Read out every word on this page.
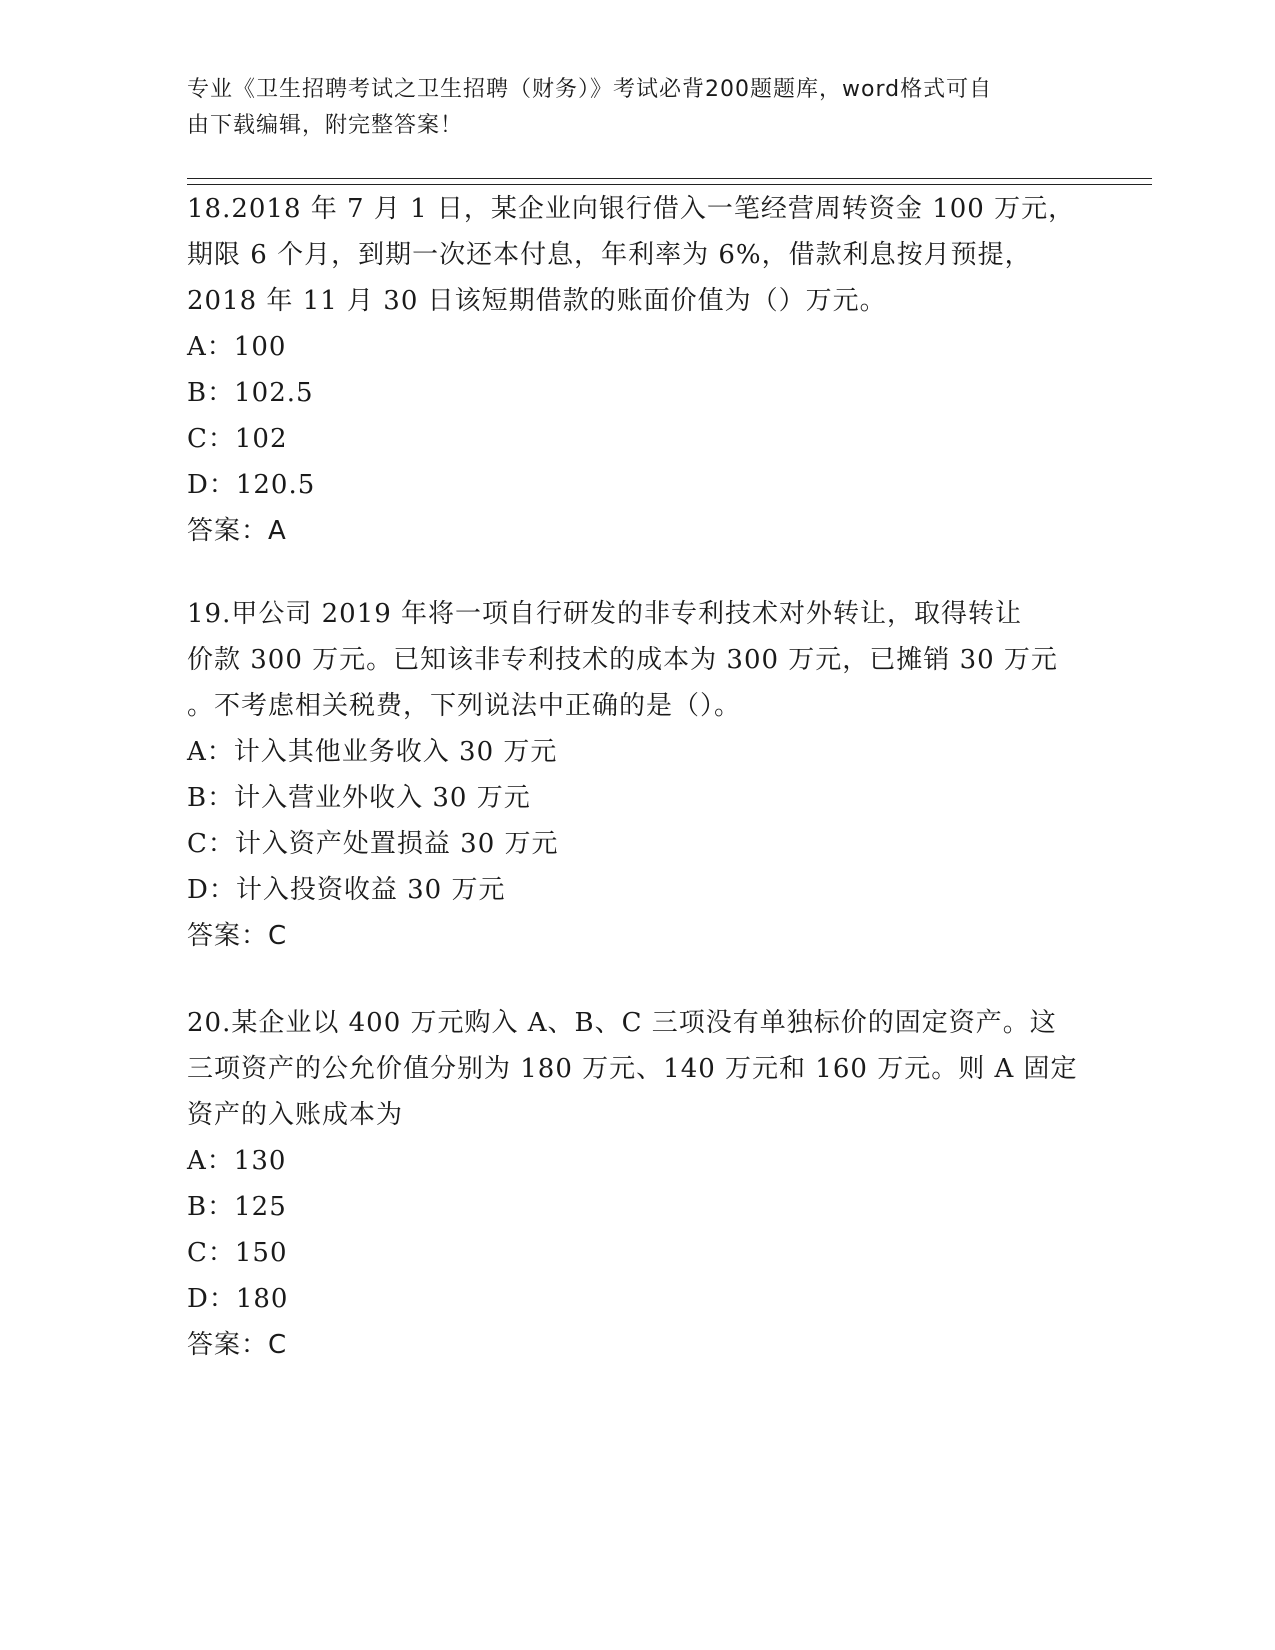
专业《卫生招聘考试之卫生招聘（财务）》考试必背200题题库，word格式可自
由下载编辑，附完整答案！
18.2018 年 7 月 1 日，某企业向银行借入一笔经营周转资金 100 万元，
期限 6 个月，到期一次还本付息，年利率为 6%，借款利息按月预提，
2018 年 11 月 30 日该短期借款的账面价值为（）万元。
A：100
B：102.5
C：102
D：120.5
答案：A
19.甲公司 2019 年将一项自行研发的非专利技术对外转让，取得转让
价款 300 万元。已知该非专利技术的成本为 300 万元，已摊销 30 万元
。不考虑相关税费，下列说法中正确的是（）。
A：计入其他业务收入 30 万元
B：计入营业外收入 30 万元
C：计入资产处置损益 30 万元
D：计入投资收益 30 万元
答案：C
20.某企业以 400 万元购入 A、B、C 三项没有单独标价的固定资产。这
三项资产的公允价值分别为 180 万元、140 万元和 160 万元。则 A 固定
资产的入账成本为
A：130
B：125
C：150
D：180
答案：C
